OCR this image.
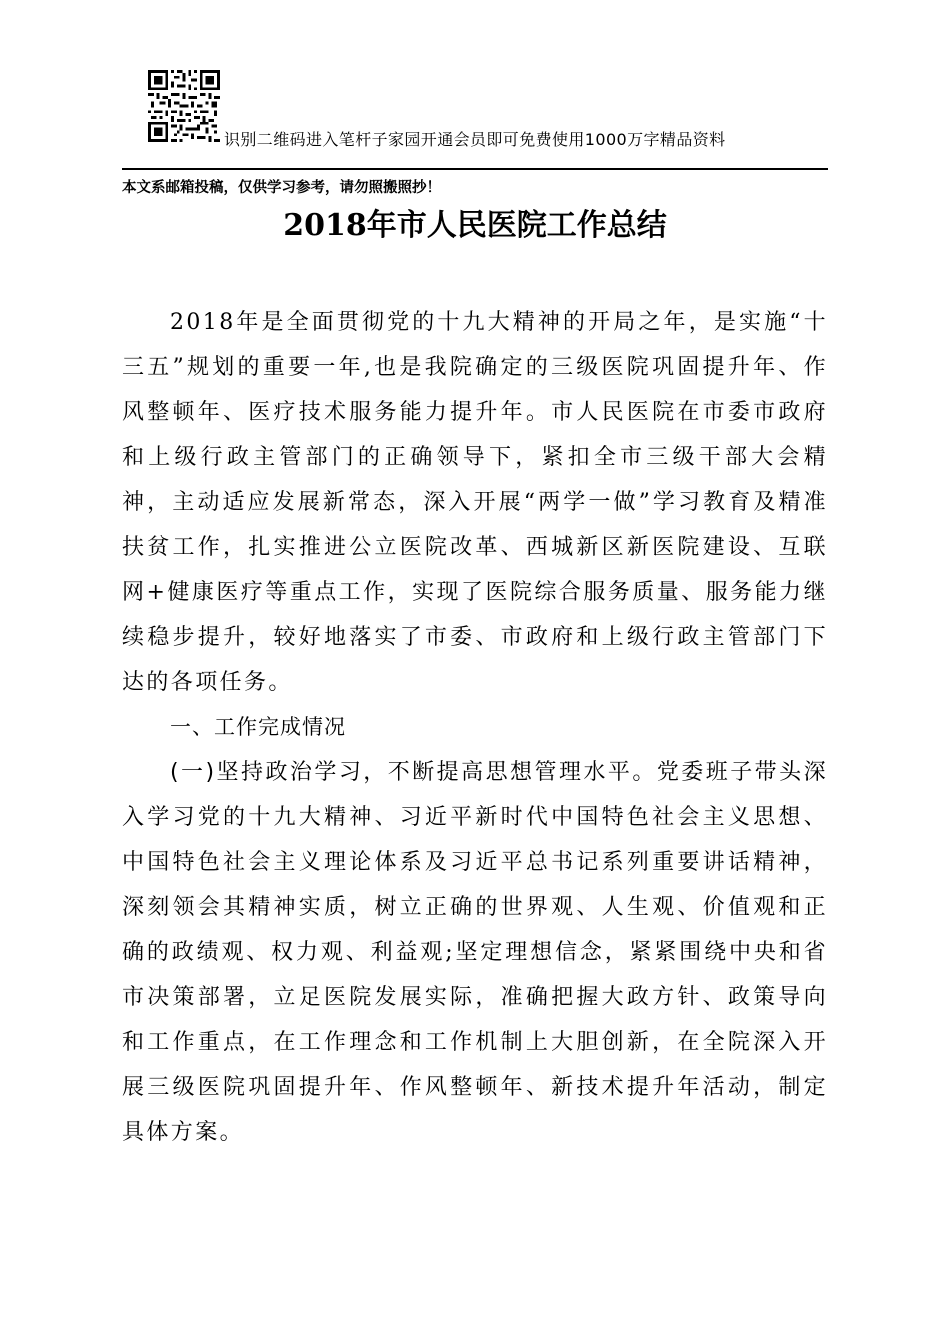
识别二维码进入笔杆子家园开通会员即可免费使用1000万字精品资料
本文系邮箱投稿，仅供学习参考，请勿照搬照抄！
2018年市人民医院工作总结

2018年是全面贯彻党的十九大精神的开局之年，是实施“十三五”规划的重要一年,也是我院确定的三级医院巩固提升年、作风整顿年、医疗技术服务能力提升年。市人民医院在市委市政府和上级行政主管部门的正确领导下，紧扣全市三级干部大会精神，主动适应发展新常态，深入开展“两学一做”学习教育及精准扶贫工作，扎实推进公立医院改革、西城新区新医院建设、互联网+健康医疗等重点工作，实现了医院综合服务质量、服务能力继续稳步提升，较好地落实了市委、市政府和上级行政主管部门下达的各项任务。

一、工作完成情况

(一)坚持政治学习，不断提高思想管理水平。党委班子带头深入学习党的十九大精神、习近平新时代中国特色社会主义思想、中国特色社会主义理论体系及习近平总书记系列重要讲话精神，深刻领会其精神实质，树立正确的世界观、人生观、价值观和正确的政绩观、权力观、利益观;坚定理想信念，紧紧围绕中央和省市决策部署，立足医院发展实际，准确把握大政方针、政策导向和工作重点，在工作理念和工作机制上大胆创新，在全院深入开展三级医院巩固提升年、作风整顿年、新技术提升年活动，制定具体方案。
